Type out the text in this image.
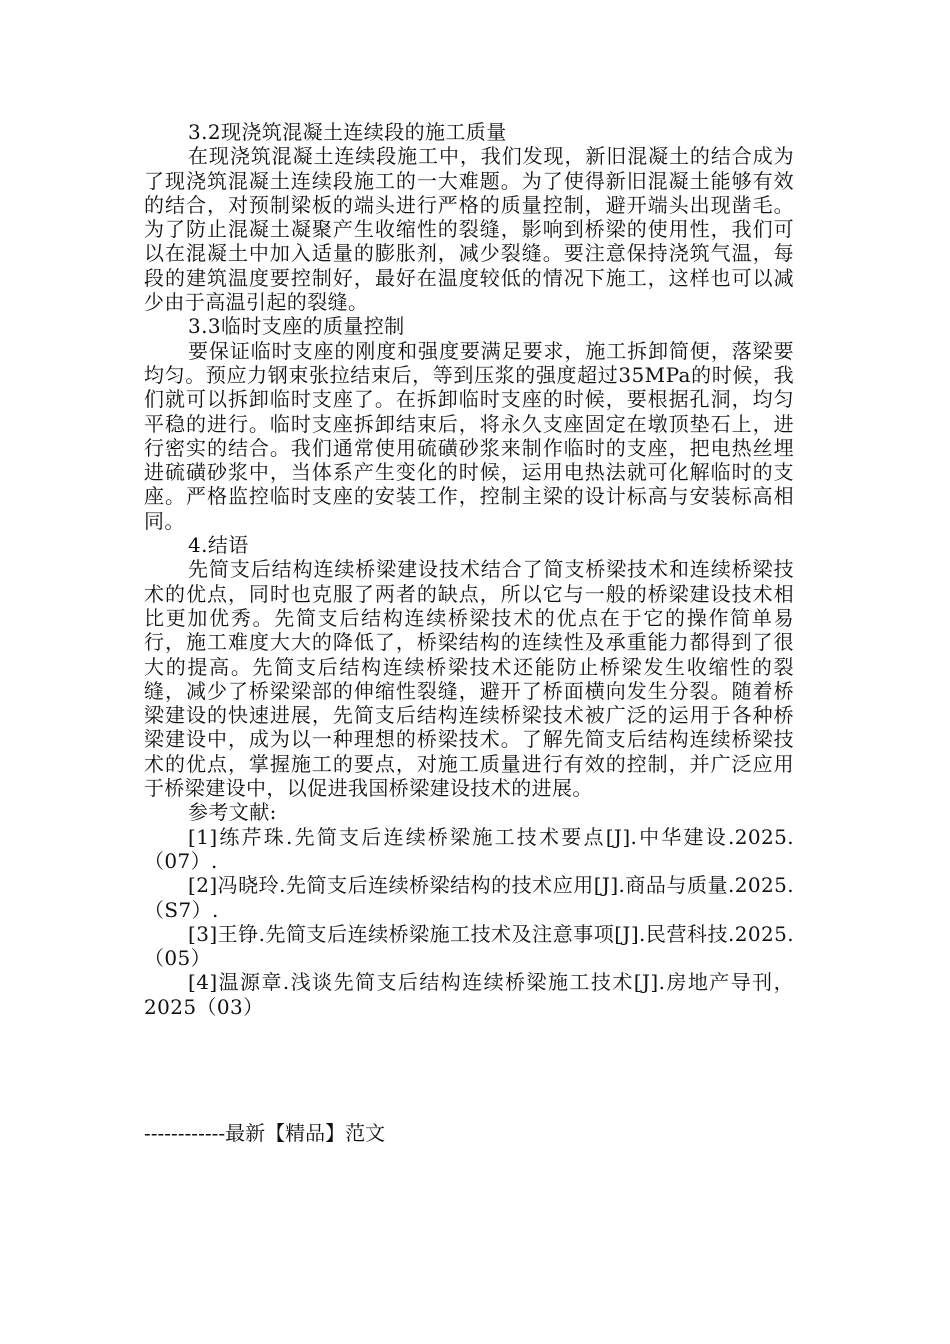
3.2现浇筑混凝土连续段的施工质量

在现浇筑混凝土连续段施工中，我们发现，新旧混凝土的结合成为了现浇筑混凝土连续段施工的一大难题。为了使得新旧混凝土能够有效的结合，对预制梁板的端头进行严格的质量控制，避开端头出现凿毛。为了防止混凝土凝聚产生收缩性的裂缝，影响到桥梁的使用性，我们可以在混凝土中加入适量的膨胀剂，减少裂缝。要注意保持浇筑气温，每段的建筑温度要控制好，最好在温度较低的情况下施工，这样也可以减少由于高温引起的裂缝。

3.3临时支座的质量控制

要保证临时支座的刚度和强度要满足要求，施工拆卸简便，落梁要均匀。预应力钢束张拉结束后，等到压浆的强度超过35MPa的时候，我们就可以拆卸临时支座了。在拆卸临时支座的时候，要根据孔洞，均匀平稳的进行。临时支座拆卸结束后，将永久支座固定在墩顶垫石上，进行密实的结合。我们通常使用硫磺砂浆来制作临时的支座，把电热丝埋进硫磺砂浆中，当体系产生变化的时候，运用电热法就可化解临时的支座。严格监控临时支座的安装工作，控制主梁的设计标高与安装标高相同。

4.结语

先简支后结构连续桥梁建设技术结合了简支桥梁技术和连续桥梁技术的优点，同时也克服了两者的缺点，所以它与一般的桥梁建设技术相比更加优秀。先简支后结构连续桥梁技术的优点在于它的操作简单易行，施工难度大大的降低了，桥梁结构的连续性及承重能力都得到了很大的提高。先简支后结构连续桥梁技术还能防止桥梁发生收缩性的裂缝，减少了桥梁梁部的伸缩性裂缝，避开了桥面横向发生分裂。随着桥梁建设的快速进展，先简支后结构连续桥梁技术被广泛的运用于各种桥梁建设中，成为以一种理想的桥梁技术。了解先简支后结构连续桥梁技术的优点，掌握施工的要点，对施工质量进行有效的控制，并广泛应用于桥梁建设中，以促进我国桥梁建设技术的进展。

参考文献:

[1]练芹珠.先简支后连续桥梁施工技术要点[J].中华建设.2025.（07）.

[2]冯晓玲.先简支后连续桥梁结构的技术应用[J].商品与质量.2025. （S7）.

[3]王铮.先简支后连续桥梁施工技术及注意事项[J].民营科技.2025.（05）

[4]温源章.浅谈先简支后结构连续桥梁施工技术[J].房地产导刊，2025（03）

------------最新【精品】范文
